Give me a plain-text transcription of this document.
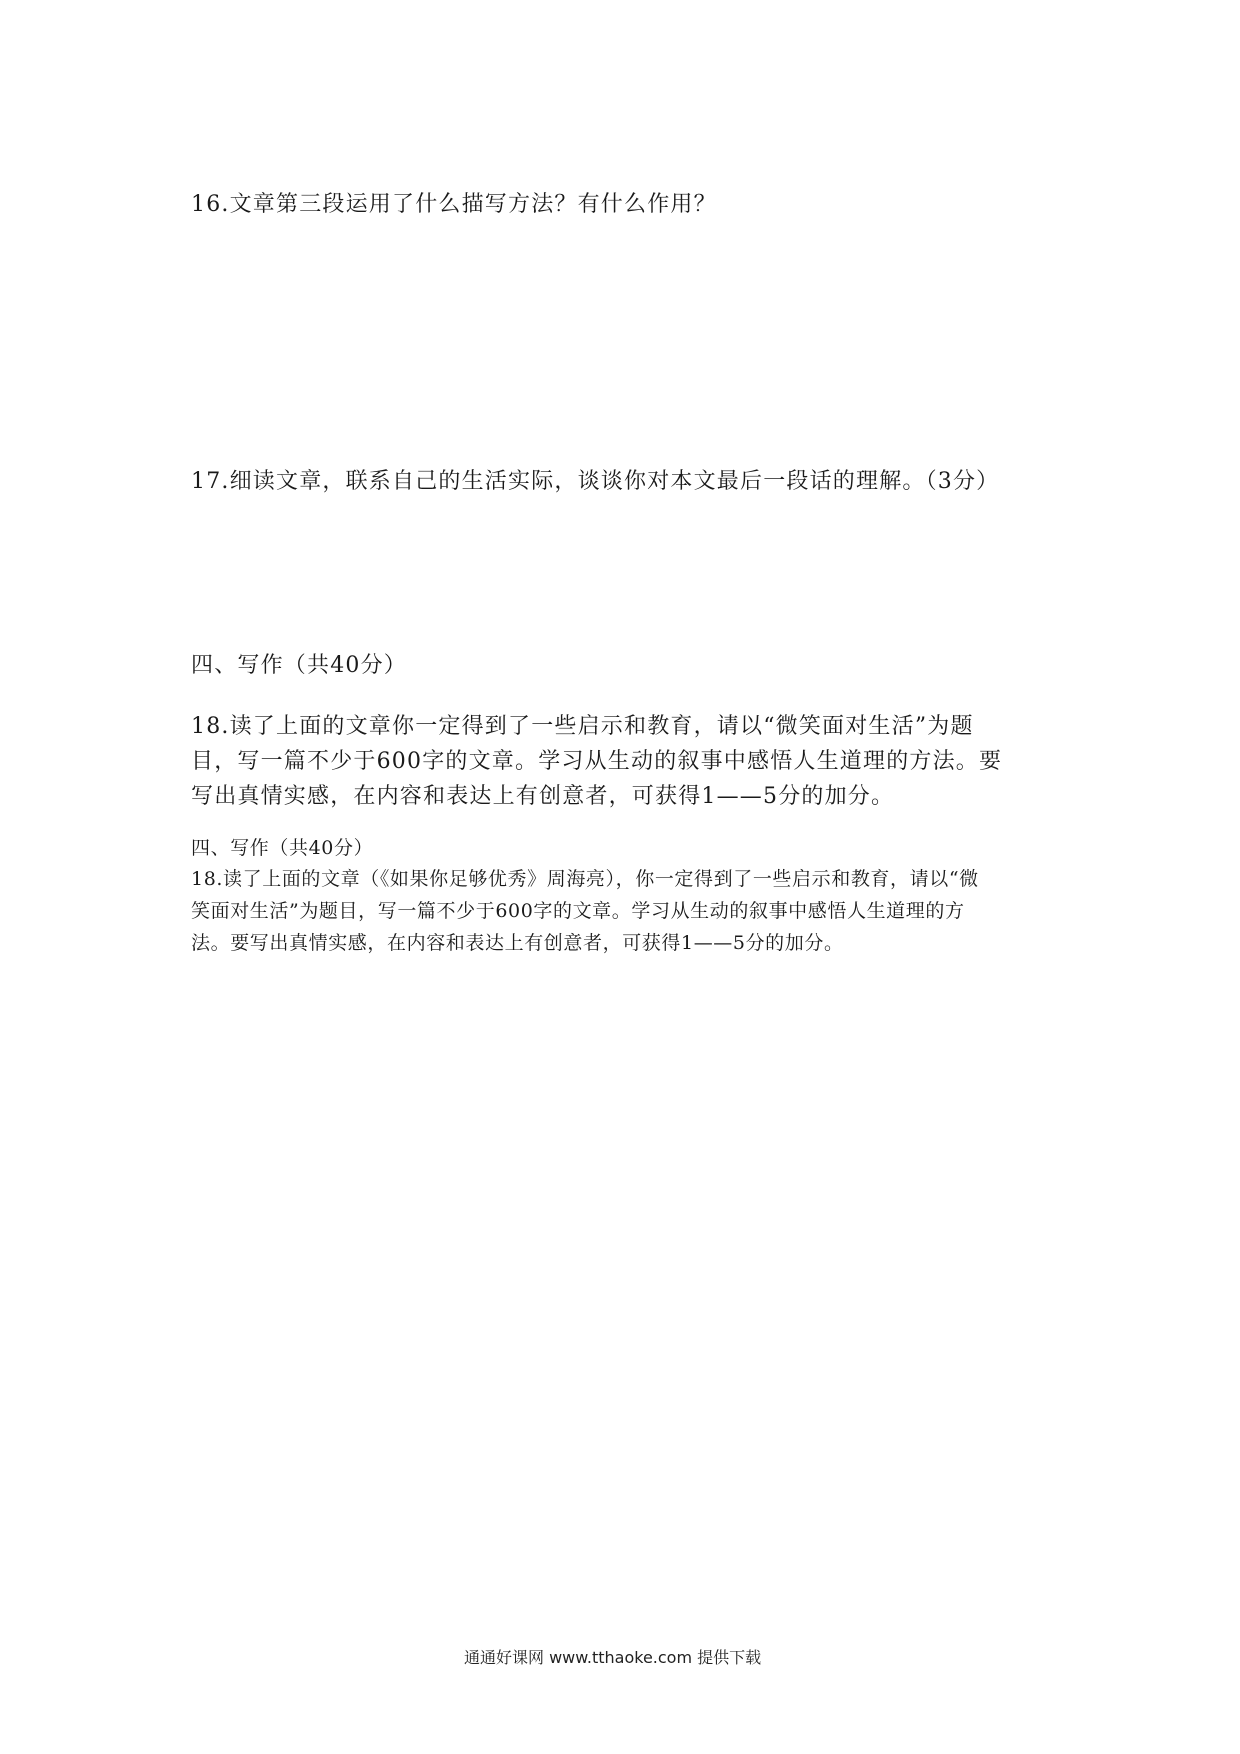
16.文章第三段运用了什么描写方法？有什么作用？

17.细读文章，联系自己的生活实际，谈谈你对本文最后一段话的理解。（3分）

四、写作（共40分）

18.读了上面的文章你一定得到了一些启示和教育，请以“微笑面对生活”为题

目，写一篇不少于600字的文章。学习从生动的叙事中感悟人生道理的方法。要

写出真情实感，在内容和表达上有创意者，可获得1——5分的加分。

四、写作（共40分）

18.读了上面的文章（《如果你足够优秀》周海亮），你一定得到了一些启示和教育，请以“微

笑面对生活”为题目，写一篇不少于600字的文章。学习从生动的叙事中感悟人生道理的方

法。要写出真情实感，在内容和表达上有创意者，可获得1——5分的加分。

通通好课网 www.tthaoke.com 提供下载
